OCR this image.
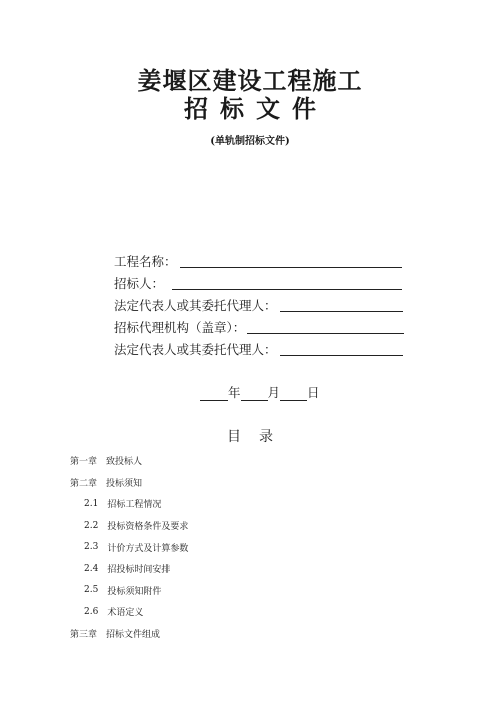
姜堰区建设工程施工
招标文件
(单轨制招标文件)
工程名称：
招标人：
法定代表人或其委托代理人：
招标代理机构（盖章）：
法定代表人或其委托代理人：
年 月 日
目录
第一章 致投标人
第二章 投标须知
2.1 招标工程情况
2.2 投标资格条件及要求
2.3 计价方式及计算参数
2.4 招投标时间安排
2.5 投标须知附件
2.6 术语定义
第三章 招标文件组成
